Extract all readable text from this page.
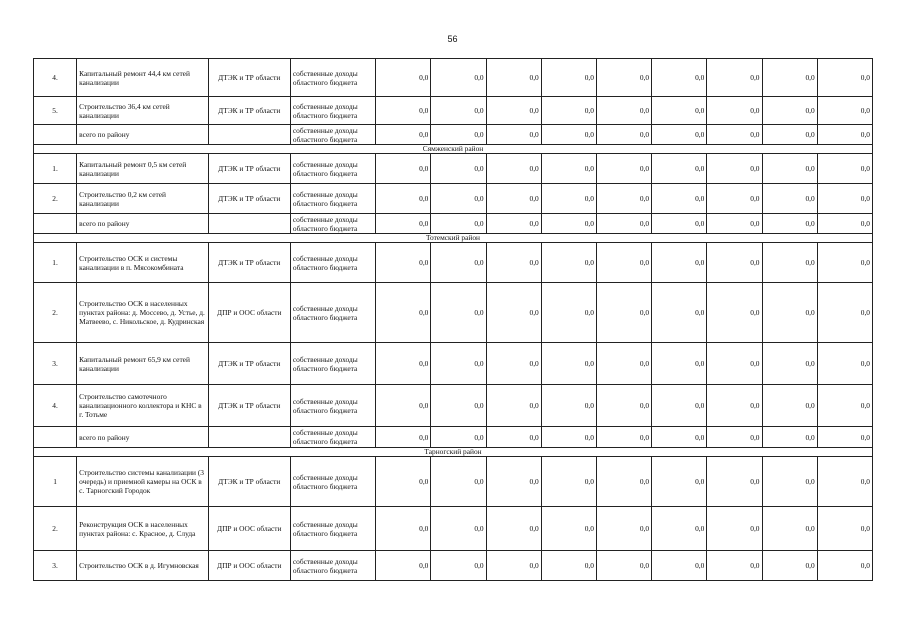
56
4.	Капитальный ремонт 44,4 км сетей канализации	ДТЭК и ТР области	собственные доходы областного бюджета	0,0	0,0	0,0	0,0	0,0	0,0	0,0	0,0	0,0
5.	Строительство 36,4 км сетей канализации	ДТЭК и ТР области	собственные доходы областного бюджета	0,0	0,0	0,0	0,0	0,0	0,0	0,0	0,0	0,0
	всего по району		собственные доходы областного бюджета	0,0	0,0	0,0	0,0	0,0	0,0	0,0	0,0	0,0
Сямженский район												
1.	Капитальный ремонт 0,5 км сетей канализации	ДТЭК и ТР области	собственные доходы областного бюджета	0,0	0,0	0,0	0,0	0,0	0,0	0,0	0,0	0,0
2.	Строительство 0,2 км сетей канализации	ДТЭК и ТР области	собственные доходы областного бюджета	0,0	0,0	0,0	0,0	0,0	0,0	0,0	0,0	0,0
	всего по району		собственные доходы областного бюджета	0,0	0,0	0,0	0,0	0,0	0,0	0,0	0,0	0,0
Тотемский район												
1.	Строительство ОСК и системы канализации в п. Мясокомбината	ДТЭК и ТР области	собственные доходы областного бюджета	0,0	0,0	0,0	0,0	0,0	0,0	0,0	0,0	0,0
2.	Строительство ОСК в населенных пунктах района: д. Моссево, д. Устье, д. Матвеево, с. Никольское, д. Кудринская	ДПР и ООС области	собственные доходы областного бюджета	0,0	0,0	0,0	0,0	0,0	0,0	0,0	0,0	0,0
3.	Капитальный ремонт 65,9 км сетей канализации	ДТЭК и ТР области	собственные доходы областного бюджета	0,0	0,0	0,0	0,0	0,0	0,0	0,0	0,0	0,0
4.	Строительство самотечного канализационного коллектора и КНС в г. Тотьме	ДТЭК и ТР области	собственные доходы областного бюджета	0,0	0,0	0,0	0,0	0,0	0,0	0,0	0,0	0,0
	всего по району		собственные доходы областного бюджета	0,0	0,0	0,0	0,0	0,0	0,0	0,0	0,0	0,0
Тарногский район												
1	Строительство системы канализации (3 очередь) и приемной камеры на ОСК в с. Тарногский Городок	ДТЭК и ТР области	собственные доходы областного бюджета	0,0	0,0	0,0	0,0	0,0	0,0	0,0	0,0	0,0
2.	Реконструкция ОСК в населенных пунктах района: с. Красное, д. Слуда	ДПР и ООС области	собственные доходы областного бюджета	0,0	0,0	0,0	0,0	0,0	0,0	0,0	0,0	0,0
3.	Строительство ОСК в д. Игумновская	ДПР и ООС области	собственные доходы областного бюджета	0,0	0,0	0,0	0,0	0,0	0,0	0,0	0,0	0,0
